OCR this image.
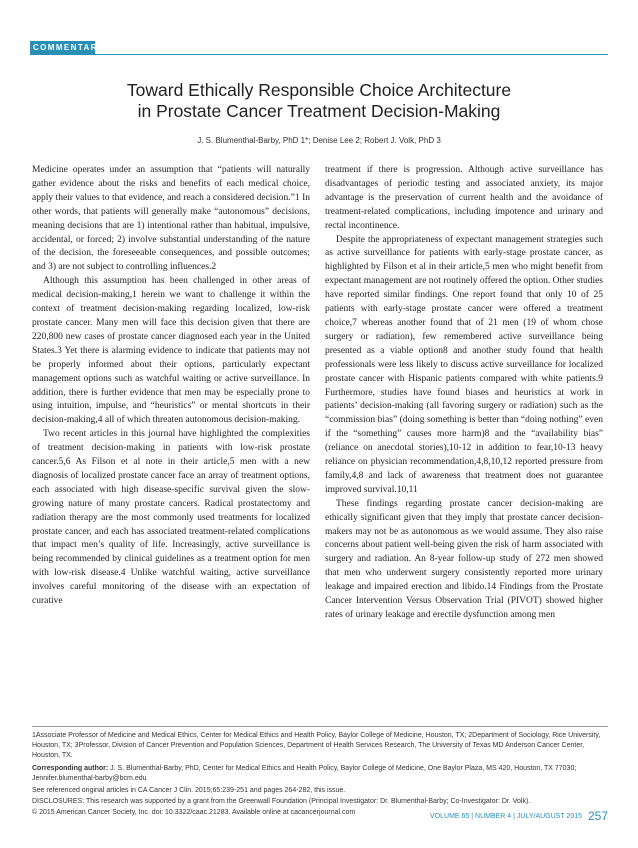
COMMENTARY
Toward Ethically Responsible Choice Architecture
in Prostate Cancer Treatment Decision-Making
J. S. Blumenthal-Barby, PhD 1*; Denise Lee 2; Robert J. Volk, PhD 3

Medicine operates under an assumption that “patients will naturally gather evidence about the risks and benefits of each medical choice, apply their values to that evidence, and reach a considered decision.”1 In other words, that patients will generally make “autonomous” decisions, meaning decisions that are 1) intentional rather than habitual, impulsive, accidental, or forced; 2) involve substantial understanding of the nature of the decision, the foreseeable consequences, and possible outcomes; and 3) are not subject to controlling influences.2

Although this assumption has been challenged in other areas of medical decision-making,1 herein we want to challenge it within the context of treatment decision-making regarding localized, low-risk prostate cancer. Many men will face this decision given that there are 220,800 new cases of prostate cancer diagnosed each year in the United States.3 Yet there is alarming evidence to indicate that patients may not be properly informed about their options, particularly expectant management options such as watchful waiting or active surveillance. In addition, there is further evidence that men may be especially prone to using intuition, impulse, and “heuristics” or mental shortcuts in their decision-making,4 all of which threaten autonomous decision-making.

Two recent articles in this journal have highlighted the complexities of treatment decision-making in patients with low-risk prostate cancer.5,6 As Filson et al note in their article,5 men with a new diagnosis of localized prostate cancer face an array of treatment options, each associated with high disease-specific survival given the slow-growing nature of many prostate cancers. Radical prostatectomy and radiation therapy are the most commonly used treatments for localized prostate cancer, and each has associated treatment-related complications that impact men’s quality of life. Increasingly, active surveillance is being recommended by clinical guidelines as a treatment option for men with low-risk disease.4 Unlike watchful waiting, active surveillance involves careful monitoring of the disease with an expectation of curative

treatment if there is progression. Although active surveillance has disadvantages of periodic testing and associated anxiety, its major advantage is the preservation of current health and the avoidance of treatment-related complications, including impotence and urinary and rectal incontinence.

Despite the appropriateness of expectant management strategies such as active surveillance for patients with early-stage prostate cancer, as highlighted by Filson et al in their article,5 men who might benefit from expectant management are not routinely offered the option. Other studies have reported similar findings. One report found that only 10 of 25 patients with early-stage prostate cancer were offered a treatment choice,7 whereas another found that of 21 men (19 of whom chose surgery or radiation), few remembered active surveillance being presented as a viable option8 and another study found that health professionals were less likely to discuss active surveillance for localized prostate cancer with Hispanic patients compared with white patients.9 Furthermore, studies have found biases and heuristics at work in patients’ decision-making (all favoring surgery or radiation) such as the “commission bias” (doing something is better than “doing nothing” even if the “something” causes more harm)8 and the “availability bias” (reliance on anecdotal stories),10-12 in addition to fear,10-13 heavy reliance on physician recommendation,4,8,10,12 reported pressure from family,4,8 and lack of awareness that treatment does not guarantee improved survival.10,11

These findings regarding prostate cancer decision-making are ethically significant given that they imply that prostate cancer decision-makers may not be as autonomous as we would assume. They also raise concerns about patient well-being given the risk of harm associated with surgery and radiation. An 8-year follow-up study of 272 men showed that men who underwent surgery consistently reported more urinary leakage and impaired erection and libido.14 Findings from the Prostate Cancer Intervention Versus Observation Trial (PIVOT) showed higher rates of urinary leakage and erectile dysfunction among men

1Associate Professor of Medicine and Medical Ethics, Center for Medical Ethics and Health Policy, Baylor College of Medicine, Houston, TX; 2Department of Sociology, Rice University, Houston, TX; 3Professor, Division of Cancer Prevention and Population Sciences, Department of Health Services Research, The University of Texas MD Anderson Cancer Center, Houston, TX.
Corresponding author: J. S. Blumenthal-Barby, PhD, Center for Medical Ethics and Health Policy, Baylor College of Medicine, One Baylor Plaza, MS 420, Houston, TX 77030; Jennifer.blumenthal-barby@bcm.edu
See referenced original articles in CA Cancer J Clin. 2015;65:239-251 and pages 264-282, this issue.
DISCLOSURES: This research was supported by a grant from the Greenwall Foundation (Principal Investigator: Dr. Blumenthal-Barby; Co-Investigator: Dr. Volk).
© 2015 American Cancer Society, Inc. doi: 10.3322/caac.21283. Available online at cacancerjournal.com
VOLUME 65 | NUMBER 4 | JULY/AUGUST 2015 257
